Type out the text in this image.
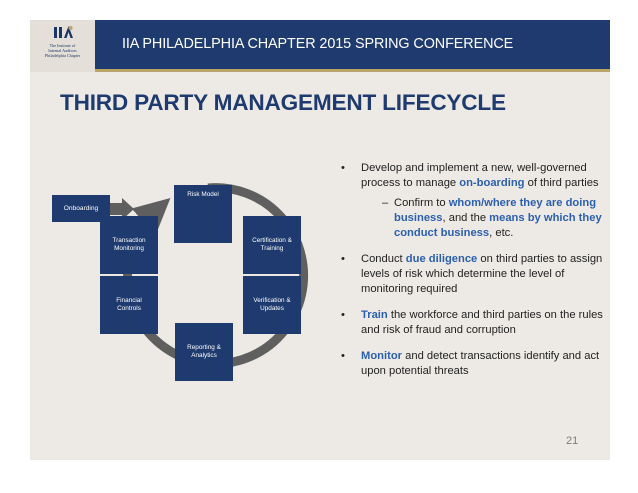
The Institute of
Internal Auditors
Philadelphia Chapter
IIA PHILADELPHIA CHAPTER 2015 SPRING CONFERENCE
THIRD PARTY MANAGEMENT LIFECYCLE
Onboarding
Risk Model
Certification &
Training
Verification &
Updates
Reporting &
Analytics
Financial
Controls
Transaction
Monitoring
• Develop and implement a new, well-governed process to manage on-boarding of third parties
– Confirm to whom/where they are doing business, and the means by which they conduct business, etc.
• Conduct due diligence on third parties to assign levels of risk which determine the level of monitoring required
• Train the workforce and third parties on the rules and risk of fraud and corruption
• Monitor and detect transactions identify and act upon potential threats
21
